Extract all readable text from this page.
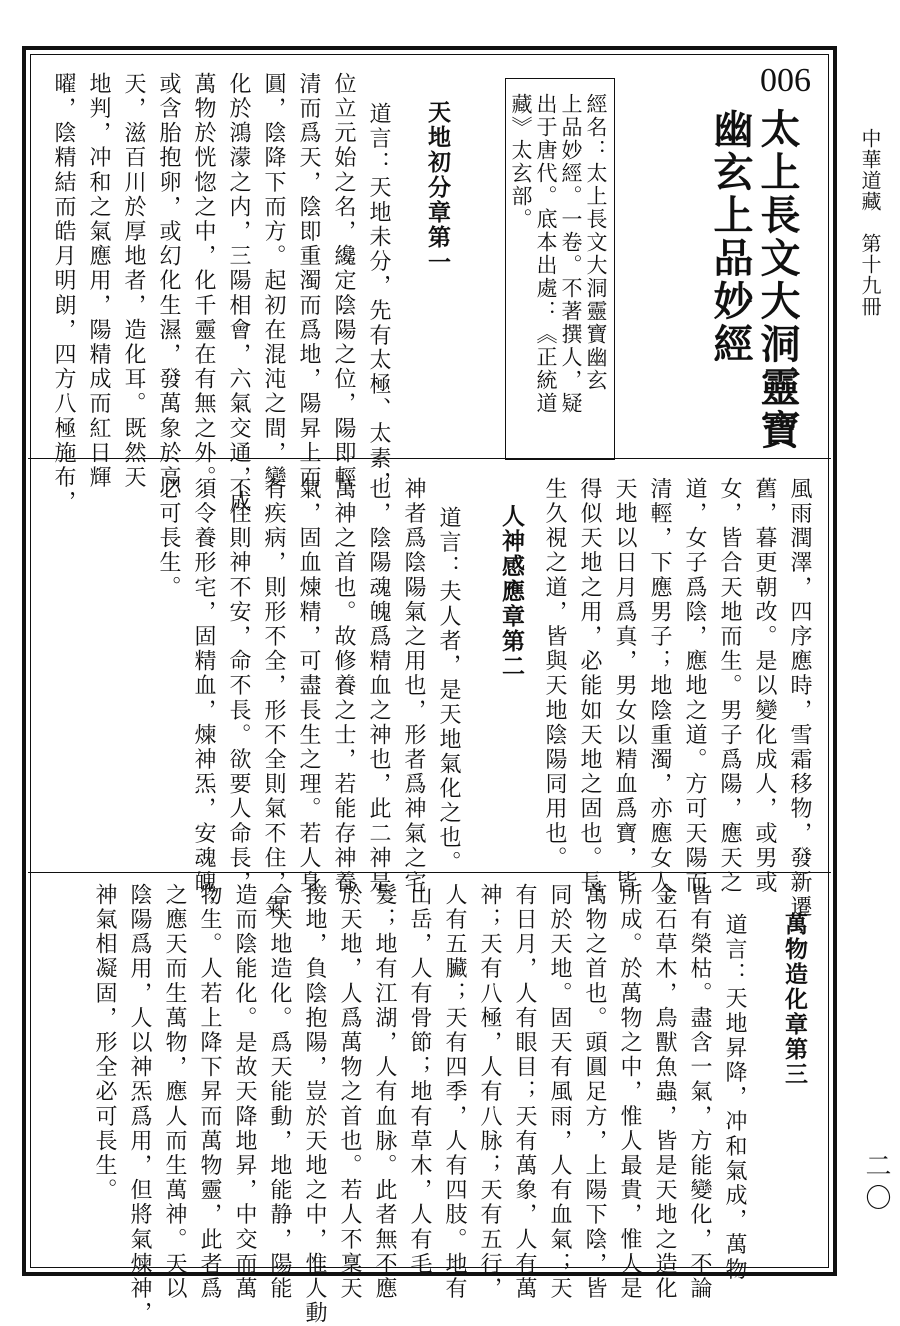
中華道藏　第十九冊
二〇
006
太上長文大洞靈寶
幽玄上品妙經
經名：太上長文大洞靈寶幽玄
上品妙經。一卷。不著撰人，疑
出于唐代。底本出處：《正統道
藏》太玄部。
天地初分章第一
道言：天地未分，先有太極、太素，
位立元始之名，纔定陰陽之位，陽即輕
清而爲天，陰即重濁而爲地，陽昇上而
圓，陰降下而方。起初在混沌之間，變
化於鴻濛之内，三陽相會，六氣交通，成
萬物於恍惚之中，化千靈在有無之外。
或含胎抱卵，或幻化生濕，發萬象於高
天，滋百川於厚地者，造化耳。既然天
地判，冲和之氣應用，陽精成而紅日輝
曜，陰精結而皓月明朗，四方八極施布，
風雨潤澤，四序應時，雪霜移物，發新遷
舊，暮更朝改。是以變化成人，或男或
女，皆合天地而生。男子爲陽，應天之
道，女子爲陰，應地之道。方可天陽而
清輕，下應男子；地陰重濁，亦應女人。
天地以日月爲真，男女以精血爲寶，皆
得似天地之用，必能如天地之固也。長
生久視之道，皆與天地陰陽同用也。
人神感應章第二
道言：夫人者，是天地氣化之也。
神者爲陰陽氣之用也，形者爲神氣之宅
也，陰陽魂魄爲精血之神也，此二神是
萬神之首也。故修養之士，若能存神養
氣，固血煉精，可盡長生之理。若人身
有疾病，則形不全，形不全則氣不住，氣
不住則神不安，命不長。欲要人命長，
須令養形宅，固精血，煉神炁，安魂魄，
必可長生。
萬物造化章第三
道言：天地昇降，冲和氣成，萬物
皆有榮枯。盡含一氣，方能變化，不論
金石草木，鳥獸魚蟲，皆是天地之造化
所成。於萬物之中，惟人最貴，惟人是
萬物之首也。頭圓足方，上陽下陰，皆
同於天地。固天有風雨，人有血氣；天
有日月，人有眼目；天有萬象，人有萬
神；天有八極，人有八脉；天有五行，
人有五臟；天有四季，人有四肢。地有
山岳，人有骨節；地有草木，人有毛
髮；地有江湖，人有血脉。此者無不應
於天地，人爲萬物之首也。若人不稟天
接地，負陰抱陽，豈於天地之中，惟人動
合天地造化。爲天能動，地能静，陽能
造而陰能化。是故天降地昇，中交而萬
物生。人若上降下昇而萬物靈，此者爲
之應天而生萬物，應人而生萬神。天以
陰陽爲用，人以神炁爲用，但將氣煉神，
神氣相凝固，形全必可長生。
